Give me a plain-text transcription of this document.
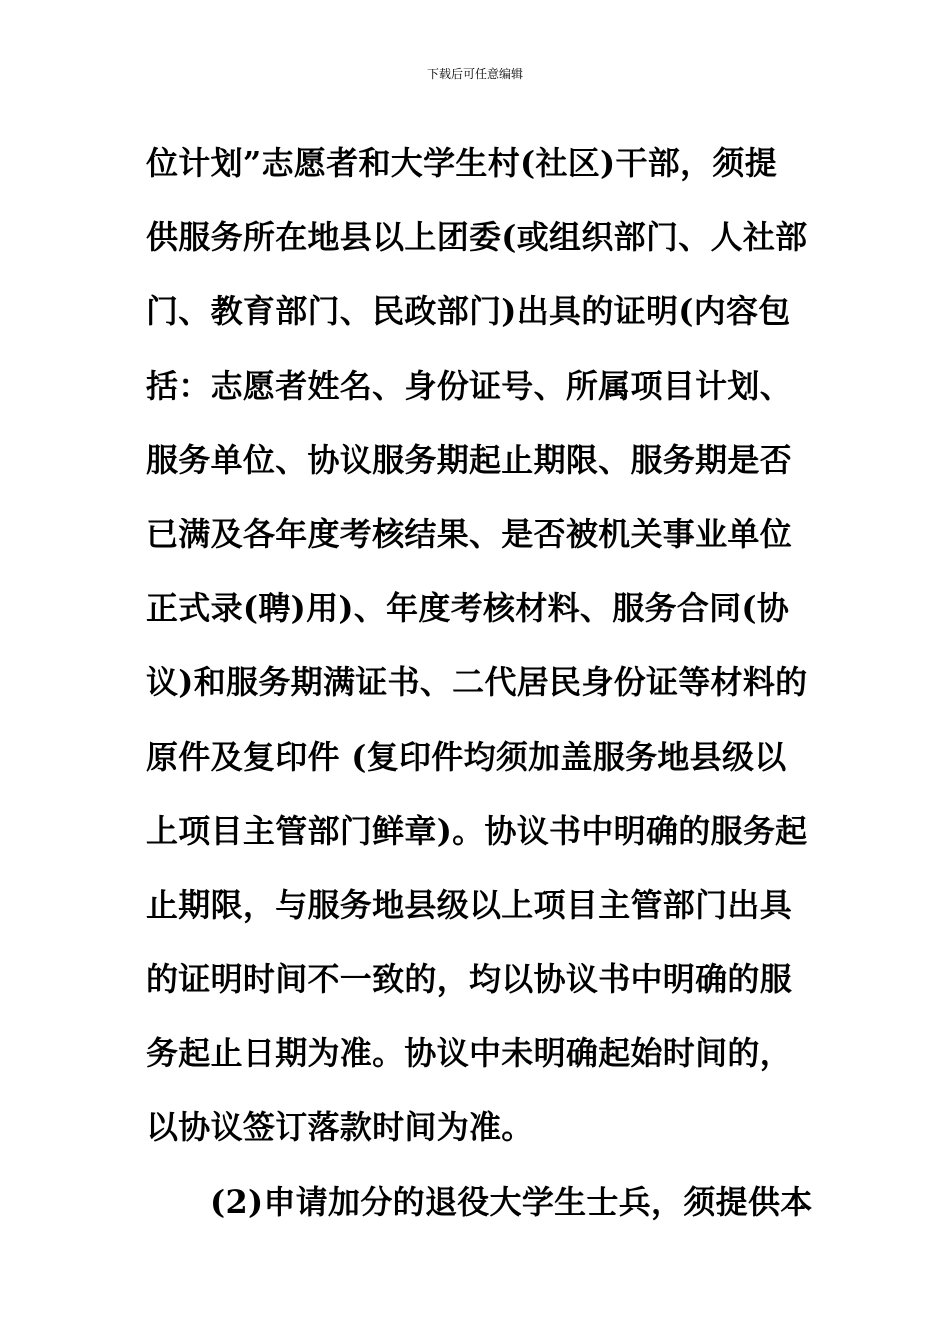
下载后可任意编辑
位计划”志愿者和大学生村(社区)干部，须提
供服务所在地县以上团委(或组织部门、人社部
门、教育部门、民政部门)出具的证明(内容包
括：志愿者姓名、身份证号、所属项目计划、
服务单位、协议服务期起止期限、服务期是否
已满及各年度考核结果、是否被机关事业单位
正式录(聘)用)、年度考核材料、服务合同(协
议)和服务期满证书、二代居民身份证等材料的
原件及复印件 (复印件均须加盖服务地县级以
上项目主管部门鲜章)。协议书中明确的服务起
止期限，与服务地县级以上项目主管部门出具
的证明时间不一致的，均以协议书中明确的服
务起止日期为准。协议中未明确起始时间的，
以协议签订落款时间为准。
(2)申请加分的退役大学生士兵，须提供本
